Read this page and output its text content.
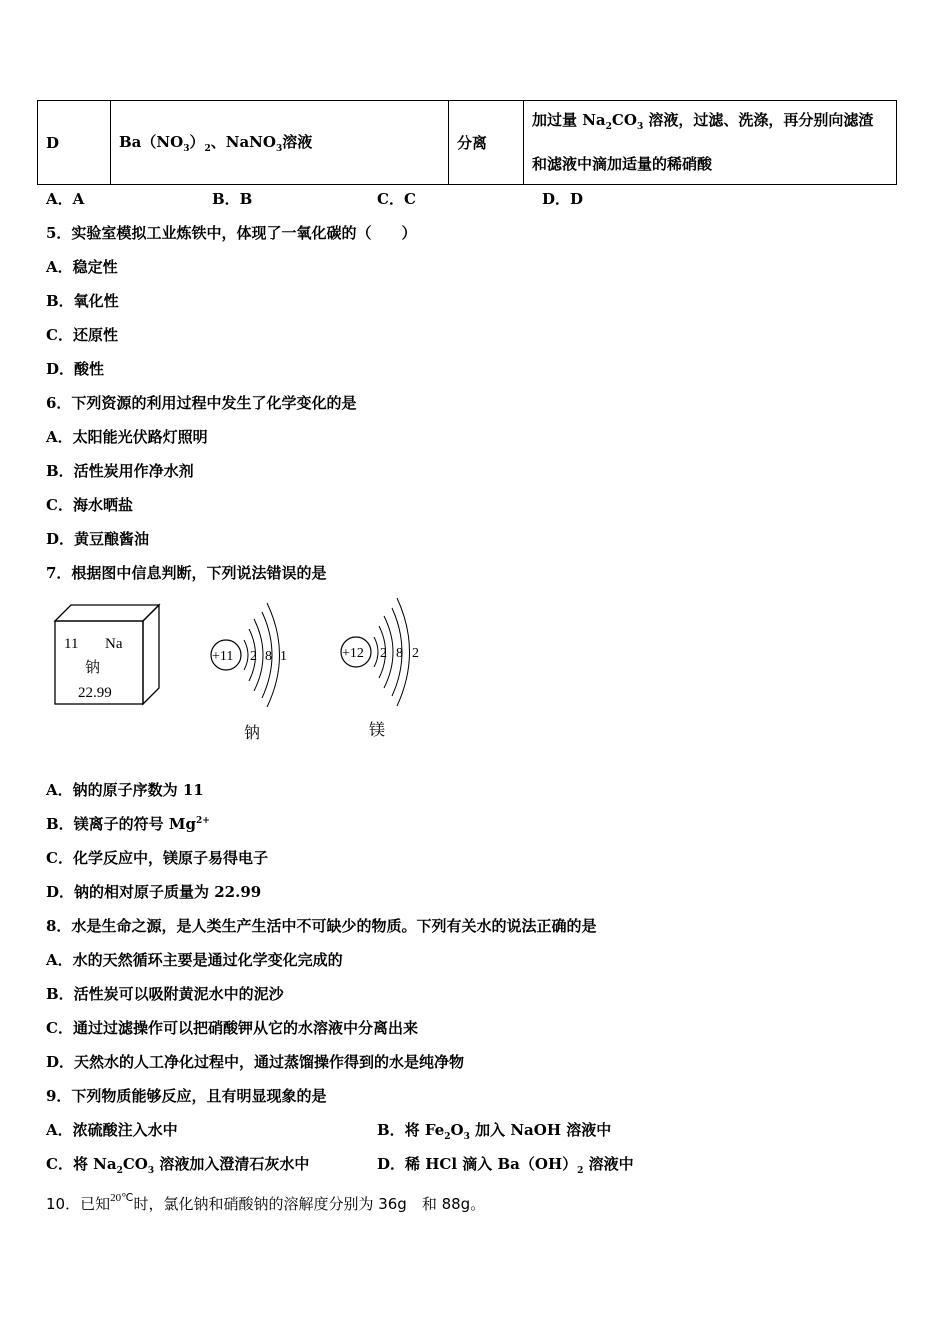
D	$Ba(NO_3)_2$、NaNO$_3$溶液	分离	加过量 $Na_2CO_3$ 溶液，过滤、洗涤，再分别向滤渣和滤液中滴加适量的稀硝酸
A．A	B．B	C．C	D．D
5．实验室模拟工业炼铁中，体现了一氧化碳的（　　）
A．稳定性
B．氧化性
C．还原性
D．酸性
6．下列资源的利用过程中发生了化学变化的是
A．太阳能光伏路灯照明
B．活性炭用作净水剂
C．海水晒盐
D．黄豆酿酱油
7．根据图中信息判断，下列说法错误的是
11 Na
钠
22.99
+11 2 8 1
钠
+12 2 8 2
镁
A．钠的原子序数为 11
B．镁离子的符号 $Mg^{2+}$
C．化学反应中，镁原子易得电子
D．钠的相对原子质量为 22.99
8．水是生命之源，是人类生产生活中不可缺少的物质。下列有关水的说法正确的是
A．水的天然循环主要是通过化学变化完成的
B．活性炭可以吸附黄泥水中的泥沙
C．通过过滤操作可以把硝酸钾从它的水溶液中分离出来
D．天然水的人工净化过程中，通过蒸馏操作得到的水是纯净物
9．下列物质能够反应，且有明显现象的是
A．浓硫酸注入水中	B．将 $Fe_2O_3$ 加入 NaOH 溶液中
C．将 $Na_2CO_3$ 溶液加入澄清石灰水中	D．稀 HCl 滴入 $Ba(OH)_2$ 溶液中
10．已知$^{20℃}$时，氯化钠和硝酸钠的溶解度分别为 36g　和 88g。
